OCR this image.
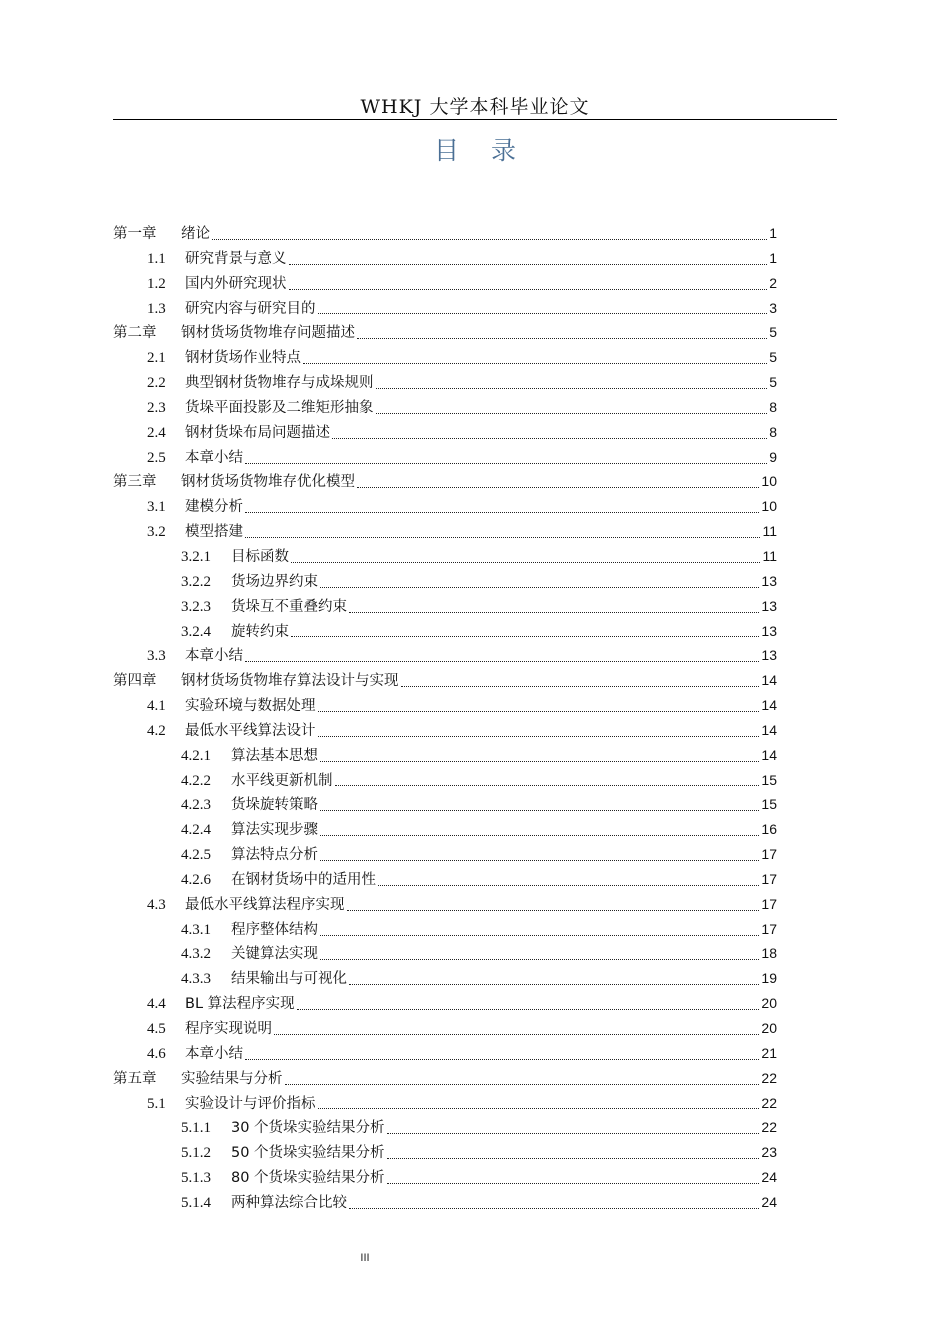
WHKJ 大学本科毕业论文
目 录
第一章	绪论	1
1.1	研究背景与意义	1
1.2	国内外研究现状	2
1.3	研究内容与研究目的	3
第二章	钢材货场货物堆存问题描述	5
2.1	钢材货场作业特点	5
2.2	典型钢材货物堆存与成垛规则	5
2.3	货垛平面投影及二维矩形抽象	8
2.4	钢材货垛布局问题描述	8
2.5	本章小结	9
第三章	钢材货场货物堆存优化模型	10
3.1	建模分析	10
3.2	模型搭建	11
3.2.1	目标函数	11
3.2.2	货场边界约束	13
3.2.3	货垛互不重叠约束	13
3.2.4	旋转约束	13
3.3	本章小结	13
第四章	钢材货场货物堆存算法设计与实现	14
4.1	实验环境与数据处理	14
4.2	最低水平线算法设计	14
4.2.1	算法基本思想	14
4.2.2	水平线更新机制	15
4.2.3	货垛旋转策略	15
4.2.4	算法实现步骤	16
4.2.5	算法特点分析	17
4.2.6	在钢材货场中的适用性	17
4.3	最低水平线算法程序实现	17
4.3.1	程序整体结构	17
4.3.2	关键算法实现	18
4.3.3	结果输出与可视化	19
4.4	BL 算法程序实现	20
4.5	程序实现说明	20
4.6	本章小结	21
第五章	实验结果与分析	22
5.1	实验设计与评价指标	22
5.1.1	30 个货垛实验结果分析	22
5.1.2	50 个货垛实验结果分析	23
5.1.3	80 个货垛实验结果分析	24
5.1.4	两种算法综合比较	24
III
